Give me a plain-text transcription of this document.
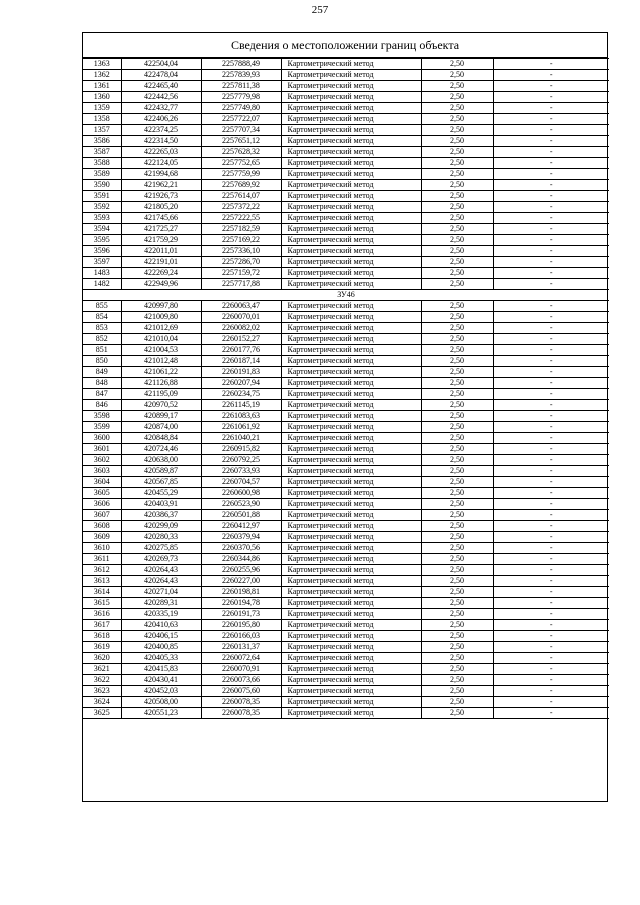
257
Сведения о местоположении границ объекта
1363	422504,04	2257888,49	Картометрический метод	2,50	-
1362	422478,04	2257839,93	Картометрический метод	2,50	-
1361	422465,40	2257811,38	Картометрический метод	2,50	-
1360	422442,56	2257779,98	Картометрический метод	2,50	-
1359	422432,77	2257749,80	Картометрический метод	2,50	-
1358	422406,26	2257722,07	Картометрический метод	2,50	-
1357	422374,25	2257707,34	Картометрический метод	2,50	-
3586	422314,50	2257651,12	Картометрический метод	2,50	-
3587	422265,03	2257628,32	Картометрический метод	2,50	-
3588	422124,05	2257752,65	Картометрический метод	2,50	-
3589	421994,68	2257759,99	Картометрический метод	2,50	-
3590	421962,21	2257689,92	Картометрический метод	2,50	-
3591	421926,73	2257614,07	Картометрический метод	2,50	-
3592	421805,20	2257372,22	Картометрический метод	2,50	-
3593	421745,66	2257222,55	Картометрический метод	2,50	-
3594	421725,27	2257182,59	Картометрический метод	2,50	-
3595	421759,29	2257169,22	Картометрический метод	2,50	-
3596	422011,01	2257336,10	Картометрический метод	2,50	-
3597	422191,01	2257286,70	Картометрический метод	2,50	-
1483	422269,24	2257159,72	Картометрический метод	2,50	-
1482	422949,96	2257717,88	Картометрический метод	2,50	-
ЗУ46					
855	420997,80	2260063,47	Картометрический метод	2,50	-
854	421009,80	2260070,01	Картометрический метод	2,50	-
853	421012,69	2260082,02	Картометрический метод	2,50	-
852	421010,04	2260152,27	Картометрический метод	2,50	-
851	421004,53	2260177,76	Картометрический метод	2,50	-
850	421012,48	2260187,14	Картометрический метод	2,50	-
849	421061,22	2260191,83	Картометрический метод	2,50	-
848	421126,88	2260207,94	Картометрический метод	2,50	-
847	421195,09	2260234,75	Картометрический метод	2,50	-
846	420970,52	2261145,19	Картометрический метод	2,50	-
3598	420899,17	2261083,63	Картометрический метод	2,50	-
3599	420874,00	2261061,92	Картометрический метод	2,50	-
3600	420848,84	2261040,21	Картометрический метод	2,50	-
3601	420724,46	2260915,82	Картометрический метод	2,50	-
3602	420638,00	2260792,25	Картометрический метод	2,50	-
3603	420589,87	2260733,93	Картометрический метод	2,50	-
3604	420567,85	2260704,57	Картометрический метод	2,50	-
3605	420455,29	2260600,98	Картометрический метод	2,50	-
3606	420403,91	2260523,90	Картометрический метод	2,50	-
3607	420386,37	2260501,88	Картометрический метод	2,50	-
3608	420299,09	2260412,97	Картометрический метод	2,50	-
3609	420280,33	2260379,94	Картометрический метод	2,50	-
3610	420275,85	2260370,56	Картометрический метод	2,50	-
3611	420269,73	2260344,86	Картометрический метод	2,50	-
3612	420264,43	2260255,96	Картометрический метод	2,50	-
3613	420264,43	2260227,00	Картометрический метод	2,50	-
3614	420271,04	2260198,81	Картометрический метод	2,50	-
3615	420289,31	2260194,78	Картометрический метод	2,50	-
3616	420335,19	2260191,73	Картометрический метод	2,50	-
3617	420410,63	2260195,80	Картометрический метод	2,50	-
3618	420406,15	2260166,03	Картометрический метод	2,50	-
3619	420400,85	2260131,37	Картометрический метод	2,50	-
3620	420405,33	2260072,64	Картометрический метод	2,50	-
3621	420415,83	2260070,91	Картометрический метод	2,50	-
3622	420430,41	2260073,66	Картометрический метод	2,50	-
3623	420452,03	2260075,60	Картометрический метод	2,50	-
3624	420508,00	2260078,35	Картометрический метод	2,50	-
3625	420551,23	2260078,35	Картометрический метод	2,50	-
